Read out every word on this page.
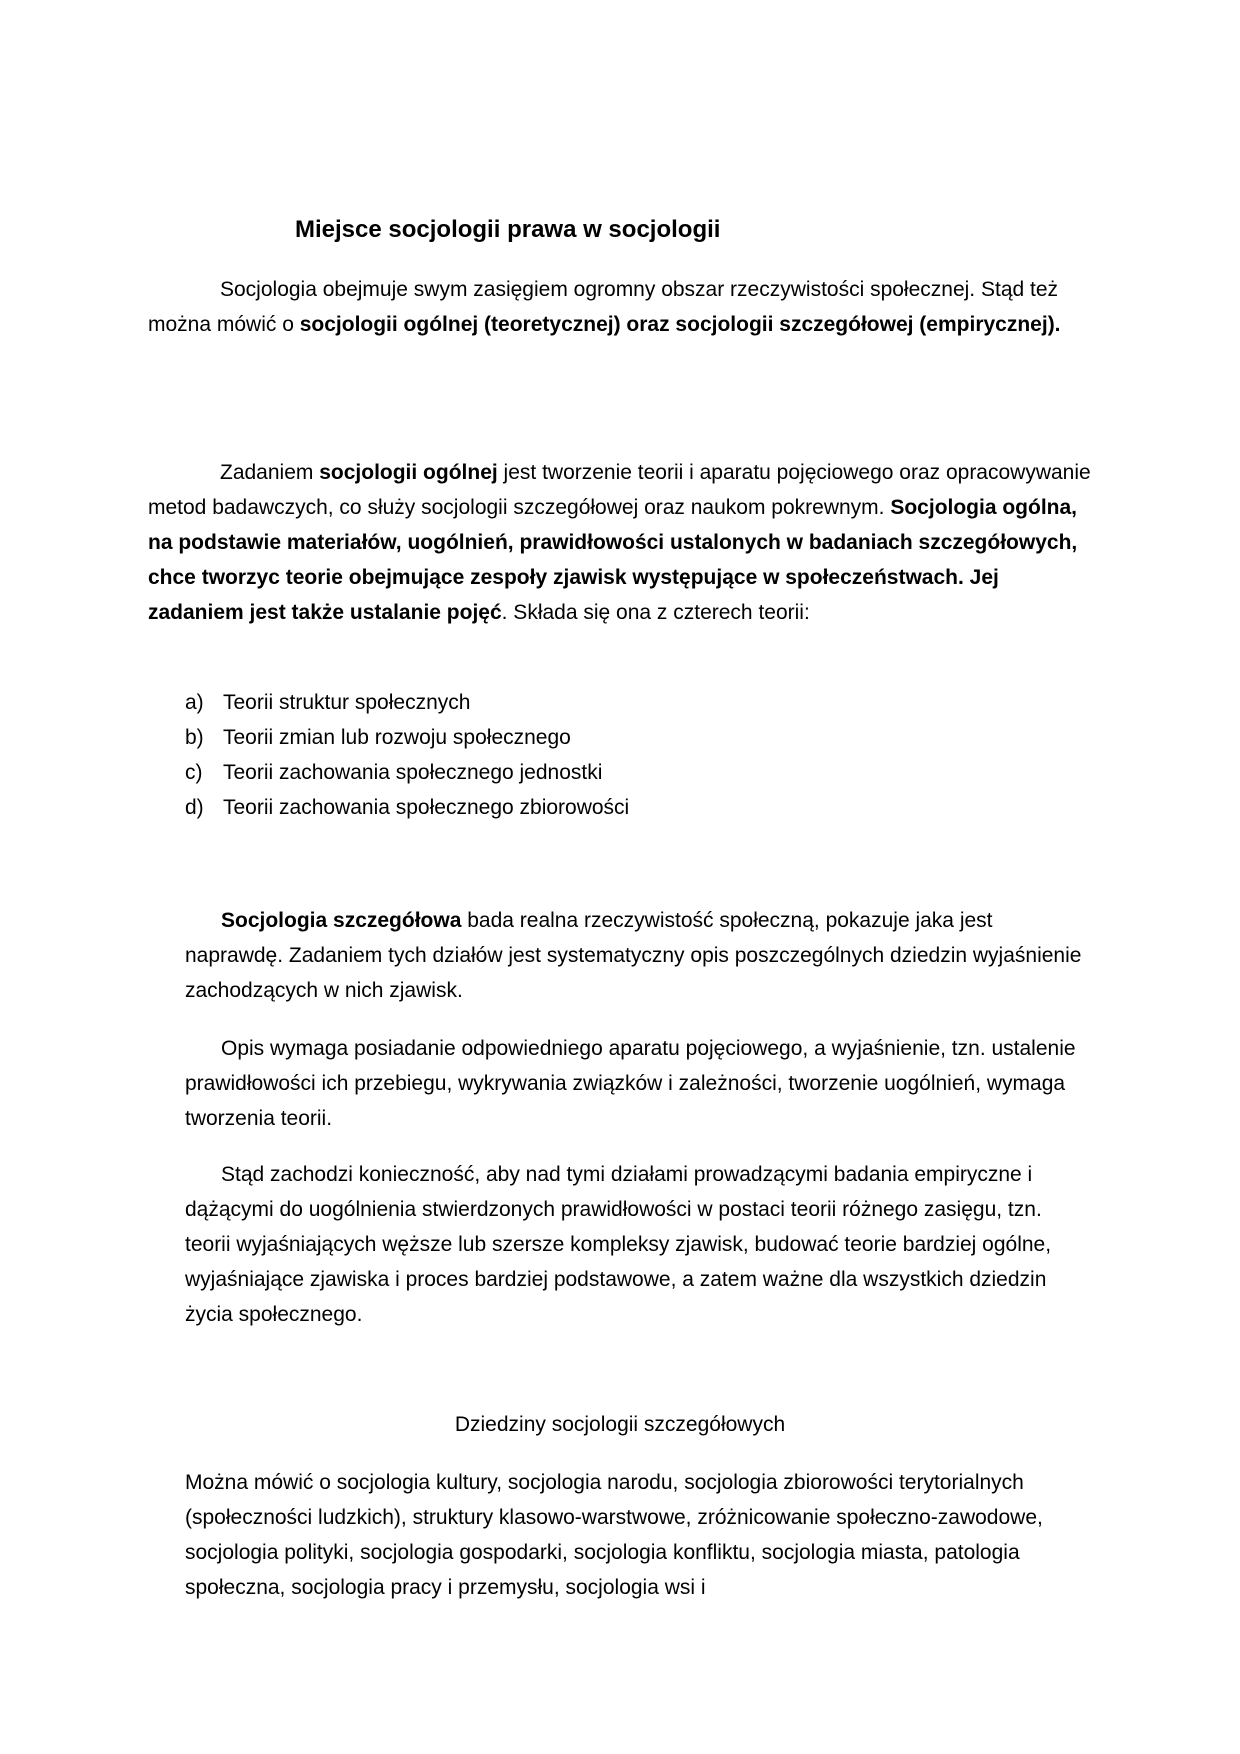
Miejsce socjologii prawa w socjologii

Socjologia obejmuje swym zasięgiem ogromny obszar rzeczywistości społecznej. Stąd też można mówić o socjologii ogólnej (teoretycznej) oraz socjologii szczegółowej (empirycznej).

Zadaniem socjologii ogólnej jest tworzenie teorii i aparatu pojęciowego oraz opracowywanie metod badawczych, co służy socjologii szczegółowej oraz naukom pokrewnym. Socjologia ogólna, na podstawie materiałów, uogólnień, prawidłowości ustalonych w badaniach szczegółowych, chce tworzyc teorie obejmujące zespoły zjawisk występujące w społeczeństwach. Jej zadaniem jest także ustalanie pojęć. Składa się ona z czterech teorii:

a) Teorii struktur społecznych
b) Teorii zmian lub rozwoju społecznego
c) Teorii zachowania społecznego jednostki
d) Teorii zachowania społecznego zbiorowości

Socjologia szczegółowa bada realna rzeczywistość społeczną, pokazuje jaka jest naprawdę. Zadaniem tych działów jest systematyczny opis poszczególnych dziedzin wyjaśnienie zachodzących w nich zjawisk.

Opis wymaga posiadanie odpowiedniego aparatu pojęciowego, a wyjaśnienie, tzn. ustalenie prawidłowości ich przebiegu, wykrywania związków i zależności, tworzenie uogólnień, wymaga tworzenia teorii.

Stąd zachodzi konieczność, aby nad tymi działami prowadzącymi badania empiryczne i dążącymi do uogólnienia stwierdzonych prawidłowości w postaci teorii różnego zasięgu, tzn. teorii wyjaśniających węższe lub szersze kompleksy zjawisk, budować teorie bardziej ogólne, wyjaśniające zjawiska i proces bardziej podstawowe, a zatem ważne dla wszystkich dziedzin życia społecznego.

Dziedziny socjologii szczegółowych

Można mówić o socjologia kultury, socjologia narodu, socjologia zbiorowości terytorialnych (społeczności ludzkich), struktury klasowo-warstwowe, zróżnicowanie społeczno-zawodowe, socjologia polityki, socjologia gospodarki, socjologia konfliktu, socjologia miasta, patologia społeczna, socjologia pracy i przemysłu, socjologia wsi i
